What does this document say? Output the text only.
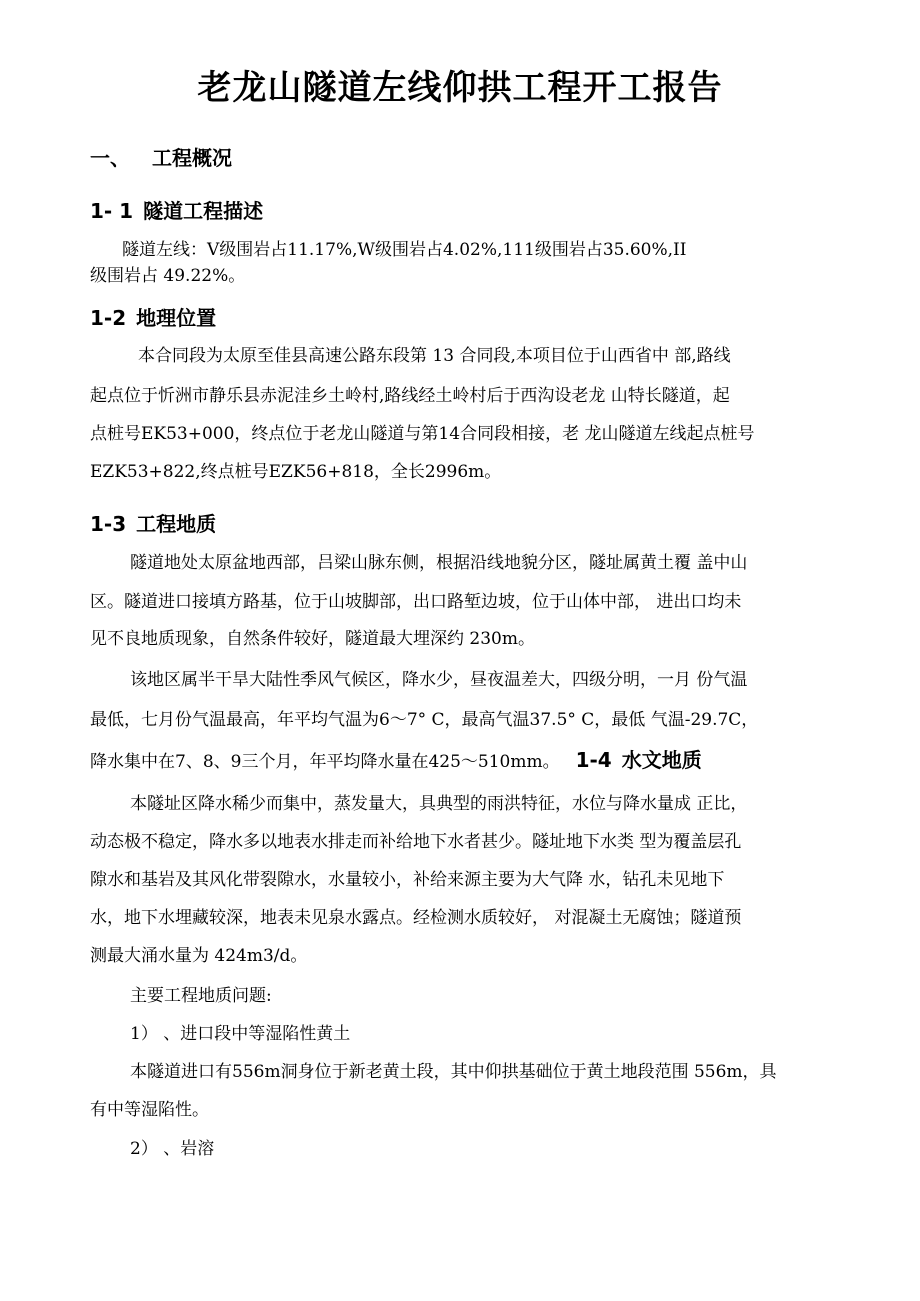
老龙山隧道左线仰拱工程开工报告
一、 工程概况
1- 1 隧道工程描述
隧道左线：V级围岩占11.17%,W级围岩占4.02%,111级围岩占35.60%,II
级围岩占 49.22%。
1-2 地理位置
本合同段为太原至佳县高速公路东段第 13 合同段,本项目位于山西省中 部,路线
起点位于忻洲市静乐县赤泥洼乡土岭村,路线经土岭村后于西沟设老龙 山特长隧道，起
点桩号EK53+000，终点位于老龙山隧道与第14合同段相接，老 龙山隧道左线起点桩号
EZK53+822,终点桩号EZK56+818，全长2996m。
1-3 工程地质
隧道地处太原盆地西部，吕梁山脉东侧，根据沿线地貌分区，隧址属黄土覆 盖中山
区。隧道进口接填方路基，位于山坡脚部，出口路堑边坡，位于山体中部， 进出口均未
见不良地质现象，自然条件较好，隧道最大埋深约 230m。
该地区属半干旱大陆性季风气候区，降水少，昼夜温差大，四级分明，一月 份气温
最低，七月份气温最高，年平均气温为6〜7° C，最高气温37.5° C，最低 气温-29.7C，
降水集中在7、8、9三个月，年平均降水量在425〜510mm。 1-4 水文地质
本隧址区降水稀少而集中，蒸发量大，具典型的雨洪特征，水位与降水量成 正比，
动态极不稳定，降水多以地表水排走而补给地下水者甚少。隧址地下水类 型为覆盖层孔
隙水和基岩及其风化带裂隙水，水量较小，补给来源主要为大气降 水，钻孔未见地下
水，地下水埋藏较深，地表未见泉水露点。经检测水质较好， 对混凝土无腐蚀；隧道预
测最大涌水量为 424m3/d。
主要工程地质问题:
1） 、进口段中等湿陷性黄土
本隧道进口有556m洞身位于新老黄土段，其中仰拱基础位于黄土地段范围 556m，具
有中等湿陷性。
2） 、岩溶
